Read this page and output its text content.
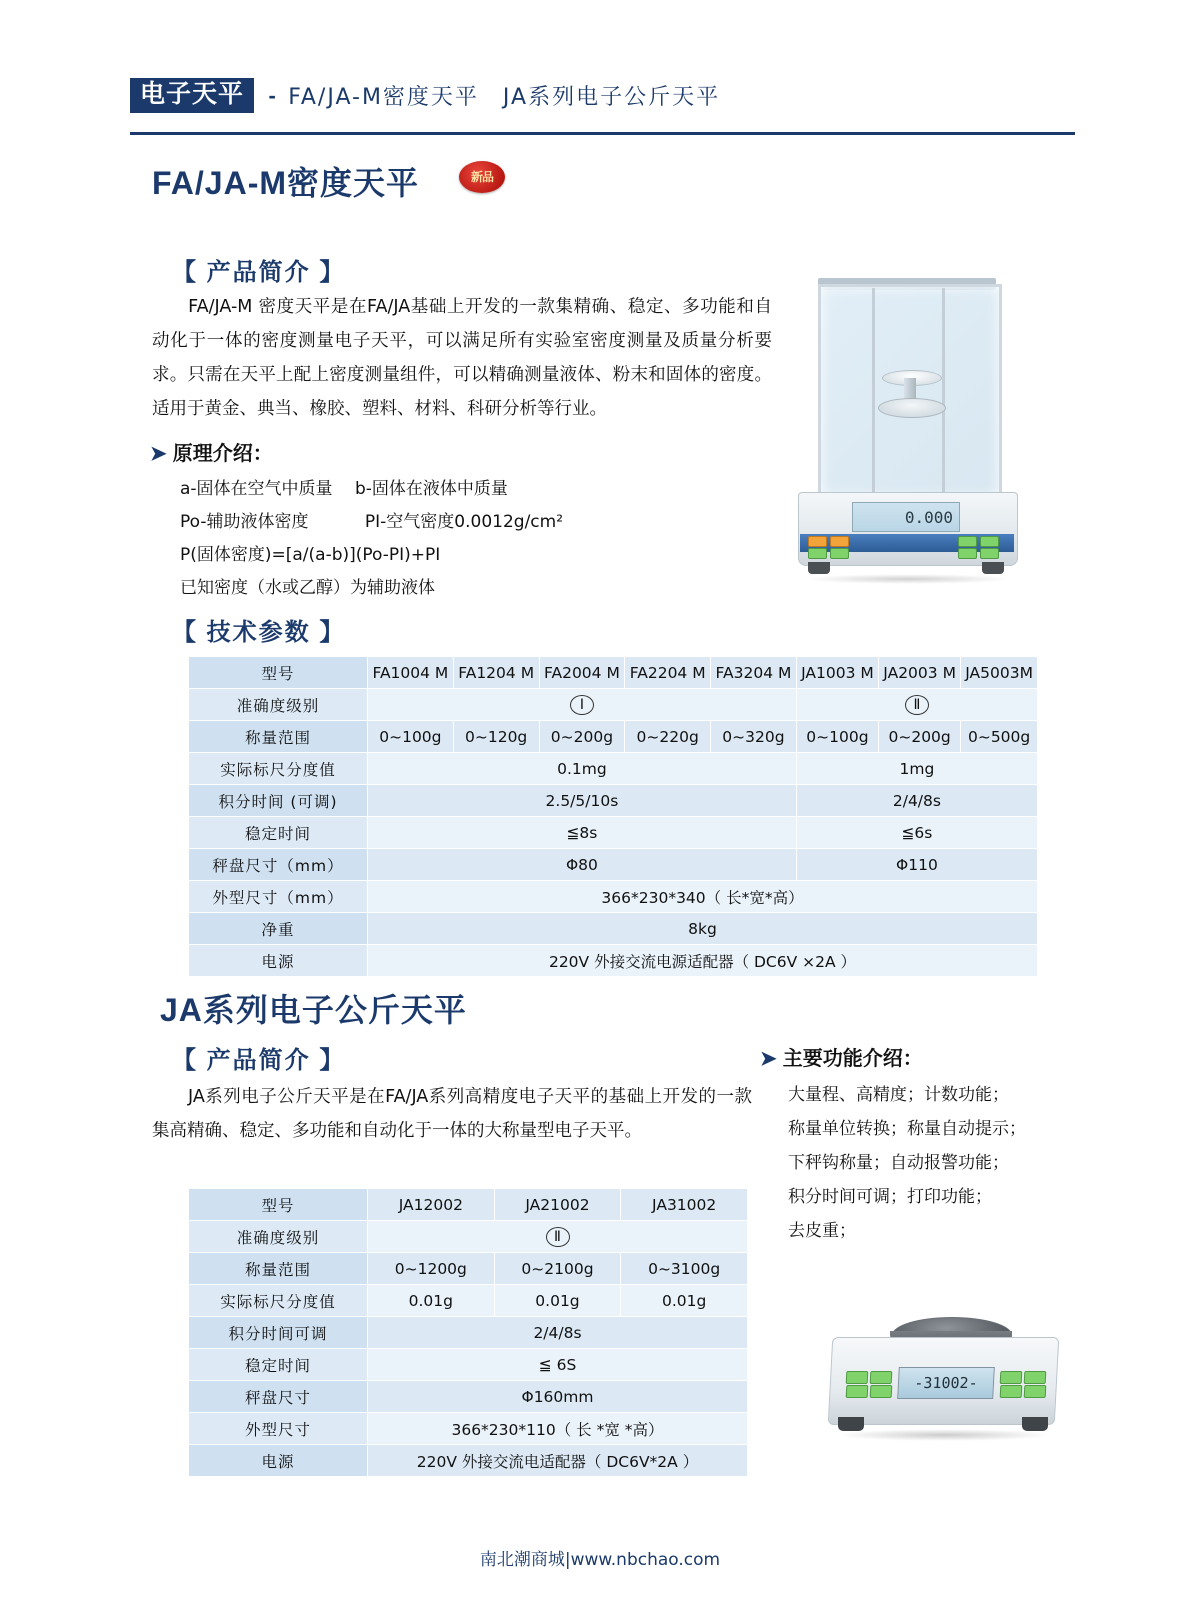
电子天平 - FA/JA-M密度天平　JA系列电子公斤天平
FA/JA-M密度天平	新品
【 产品简介 】
　　FA/JA-M 密度天平是在FA/JA基础上开发的一款集精确、稳定、多功能和自动化于一体的密度测量电子天平，可以满足所有实验室密度测量及质量分析要求。只需在天平上配上密度测量组件，可以精确测量液体、粉末和固体的密度。适用于黄金、典当、橡胶、塑料、材料、科研分析等行业。
➤ 原理介绍：
a-固体在空气中质量　 b-固体在液体中质量
Po-辅助液体密度　　　 PI-空气密度0.0012g/cm²
P(固体密度)=[a/(a-b)](Po-PI)+PI
已知密度（水或乙醇）为辅助液体
0.000
【 技术参数 】
型号	FA1004 M	FA1204 M	FA2004 M	FA2204 M	FA3204 M	JA1003 M	JA2003 M	JA5003M
准确度级别	Ⅰ					Ⅱ		
称量范围	0~100g	0~120g	0~200g	0~220g	0~320g	0~100g	0~200g	0~500g
实际标尺分度值	0.1mg					1mg		
积分时间 (可调)	2.5/5/10s					2/4/8s		
稳定时间	≦8s					≦6s		
秤盘尺寸（mm）	Φ80					Φ110		
外型尺寸（mm）	366*230*340（ 长*宽*高）							
净重	8kg							
电源	220V 外接交流电源适配器（ DC6V ×2A ）							
JA系列电子公斤天平
【 产品简介 】
　　JA系列电子公斤天平是在FA/JA系列高精度电子天平的基础上开发的一款集高精确、稳定、多功能和自动化于一体的大称量型电子天平。
➤ 主要功能介绍：
大量程、高精度；计数功能；
称量单位转换；称量自动提示；
下秤钩称量；自动报警功能；
积分时间可调；打印功能；
去皮重；
-31002-
型号	JA12002	JA21002	JA31002
准确度级别	Ⅱ		
称量范围	0~1200g	0~2100g	0~3100g
实际标尺分度值	0.01g	0.01g	0.01g
积分时间可调	2/4/8s		
稳定时间	≦ 6S		
秤盘尺寸	Φ160mm		
外型尺寸	366*230*110（ 长 *宽 *高）		
电源	220V 外接交流电适配器（ DC6V*2A ）		
南北潮商城|www.nbchao.com
